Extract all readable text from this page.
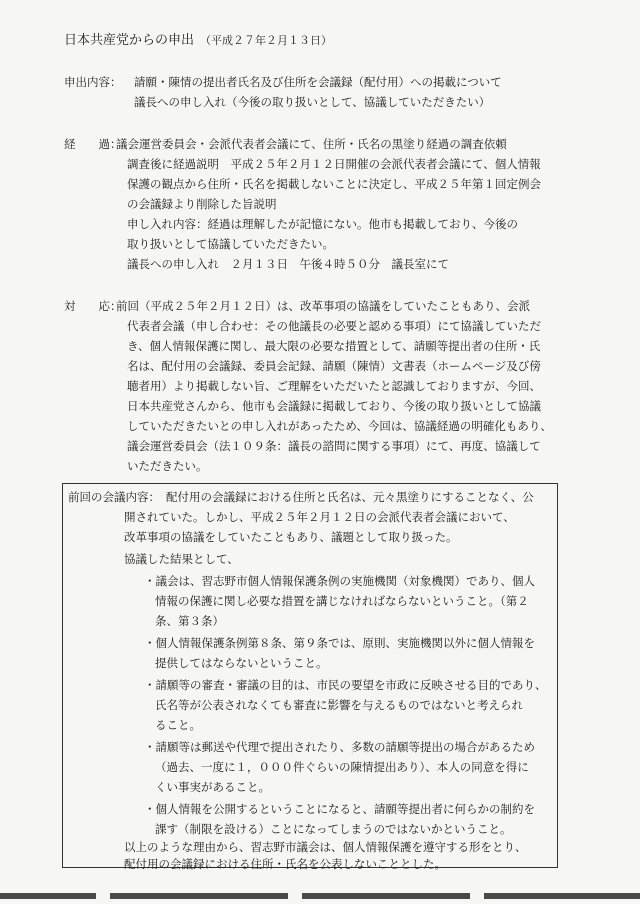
日本共産党からの申出 （平成２７年２月１３日）
申出内容： 請願・陳情の提出者氏名及び住所を会議録（配付用）への掲載について
議長への申し入れ（今後の取り扱いとして、協議していただきたい）
経　　過：
議会運営委員会・会派代表者会議にて、住所・氏名の黒塗り経過の調査依頼
調査後に経過説明　平成２５年２月１２日開催の会派代表者会議にて、個人情報
保護の観点から住所・氏名を掲載しないことに決定し、平成２５年第１回定例会
の会議録より削除した旨説明
申し入れ内容：経過は理解したが記憶にない。他市も掲載しており、今後の
取り扱いとして協議していただきたい。
議長への申し入れ　２月１３日　午後４時５０分　議長室にて
対　　応：
前回（平成２５年２月１２日）は、改革事項の協議をしていたこともあり、会派
代表者会議（申し合わせ：その他議長の必要と認める事項）にて協議していただ
き、個人情報保護に関し、最大限の必要な措置として、請願等提出者の住所・氏
名は、配付用の会議録、委員会記録、請願（陳情）文書表（ホームページ及び傍
聴者用）より掲載しない旨、ご理解をいただいたと認識しておりますが、今回、
日本共産党さんから、他市も会議録に掲載しており、今後の取り扱いとして協議
していただきたいとの申し入れがあったため、今回は、協議経過の明確化もあり、
議会運営委員会（法１０９条：議長の諮問に関する事項）にて、再度、協議して
いただきたい。
前回の会議内容： 配付用の会議録における住所と氏名は、元々黒塗りにすることなく、公
開されていた。しかし、平成２５年２月１２日の会派代表者会議において、
改革事項の協議をしていたこともあり、議題として取り扱った。
協議した結果として、
・議会は、習志野市個人情報保護条例の実施機関（対象機関）であり、個人
情報の保護に関し必要な措置を講じなければならないということ。（第２
条、第３条）
・個人情報保護条例第８条、第９条では、原則、実施機関以外に個人情報を
提供してはならないということ。
・請願等の審査・審議の目的は、市民の要望を市政に反映させる目的であり、
氏名等が公表されなくても審査に影響を与えるものではないと考えられ
ること。
・請願等は郵送や代理で提出されたり、多数の請願等提出の場合があるため
（過去、一度に１，０００件ぐらいの陳情提出あり）、本人の同意を得に
くい事実があること。
・個人情報を公開するということになると、請願等提出者に何らかの制約を
課す（制限を設ける）ことになってしまうのではないかということ。
以上のような理由から、習志野市議会は、個人情報保護を遵守する形をとり、
配付用の会議録における住所・氏名を公表しないこととした。
